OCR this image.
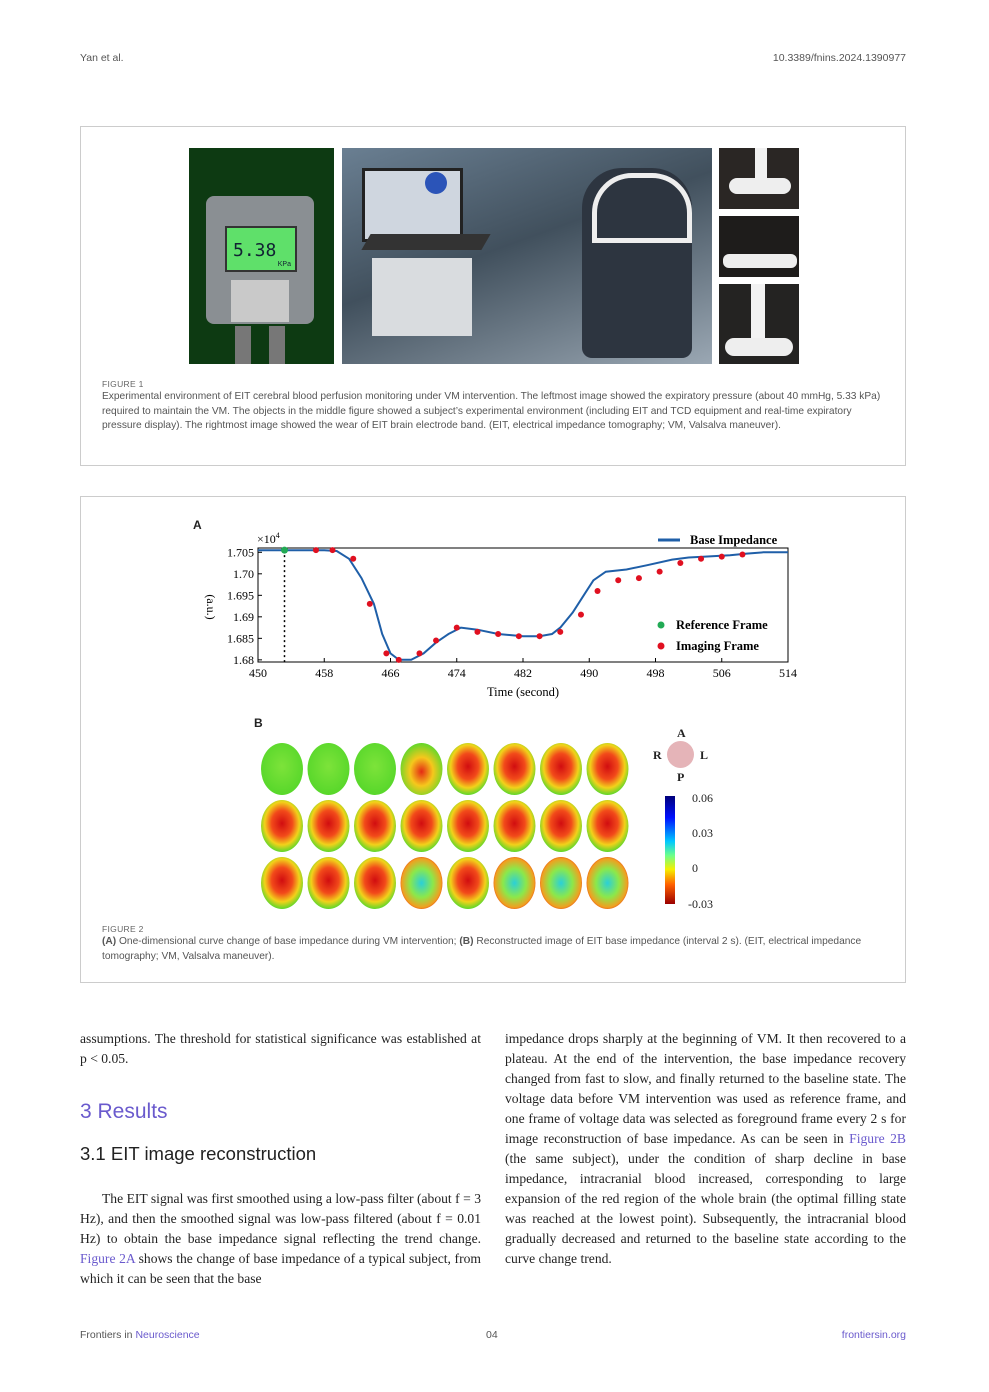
Yan et al.	10.3389/fnins.2024.1390977
5.38
KPa
FIGURE 1
Experimental environment of EIT cerebral blood perfusion monitoring under VM intervention. The leftmost image showed the expiratory pressure (about 40 mmHg, 5.33 kPa) required to maintain the VM. The objects in the middle figure showed a subject’s experimental environment (including EIT and TCD equipment and real-time expiratory pressure display). The rightmost image showed the wear of EIT brain electrode band. (EIT, electrical impedance tomography; VM, Valsalva maneuver).
A
$\times 10^4$
1.705
1.70
1.695
1.69
1.685
1.68
450	458	466	474	482	490	498	506	514
(a.u.)
Time (second)
Base Impedance
Reference Frame
Imaging Frame
B
A
R	L
P
0.06
0.03
0
-0.03
FIGURE 2
(A) One-dimensional curve change of base impedance during VM intervention; (B) Reconstructed image of EIT base impedance (interval 2 s). (EIT, electrical impedance tomography; VM, Valsalva maneuver).

assumptions. The threshold for statistical significance was established at p < 0.05.

3 Results
3.1 EIT image reconstruction

The EIT signal was first smoothed using a low-pass filter (about f = 3 Hz), and then the smoothed signal was low-pass filtered (about f = 0.01 Hz) to obtain the base impedance signal reflecting the trend change. Figure 2A shows the change of base impedance of a typical subject, from which it can be seen that the base

impedance drops sharply at the beginning of VM. It then recovered to a plateau. At the end of the intervention, the base impedance recovery changed from fast to slow, and finally returned to the baseline state. The voltage data before VM intervention was used as reference frame, and one frame of voltage data was selected as foreground frame every 2 s for image reconstruction of base impedance. As can be seen in Figure 2B (the same subject), under the condition of sharp decline in base impedance, intracranial blood increased, corresponding to large expansion of the red region of the whole brain (the optimal filling state was reached at the lowest point). Subsequently, the intracranial blood gradually decreased and returned to the baseline state according to the curve change trend.

Frontiers in Neuroscience	04	frontiersin.org
